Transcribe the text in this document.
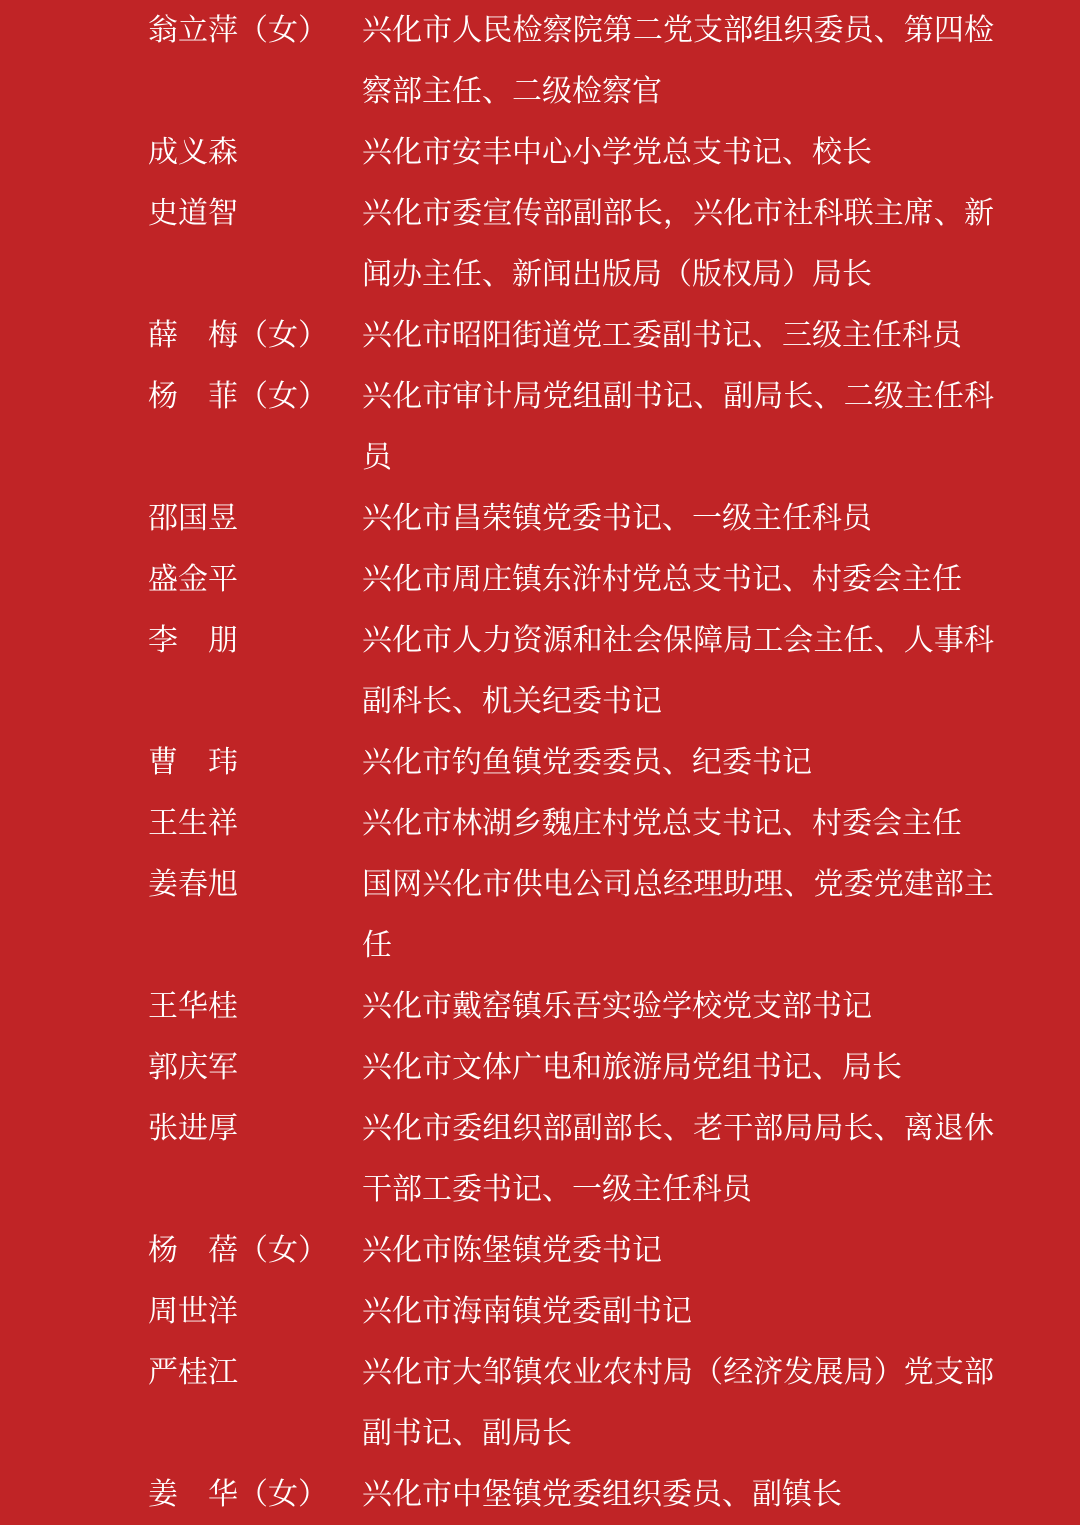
翁立萍（女）	兴化市人民检察院第二党支部组织委员、第四检察部主任、二级检察官
成义森	兴化市安丰中心小学党总支书记、校长
史道智	兴化市委宣传部副部长，兴化市社科联主席、新闻办主任、新闻出版局（版权局）局长
薛　梅（女）	兴化市昭阳街道党工委副书记、三级主任科员
杨　菲（女）	兴化市审计局党组副书记、副局长、二级主任科员
邵国昱	兴化市昌荣镇党委书记、一级主任科员
盛金平	兴化市周庄镇东浒村党总支书记、村委会主任
李　朋	兴化市人力资源和社会保障局工会主任、人事科副科长、机关纪委书记
曹　玮	兴化市钓鱼镇党委委员、纪委书记
王生祥	兴化市林湖乡魏庄村党总支书记、村委会主任
姜春旭	国网兴化市供电公司总经理助理、党委党建部主任
王华桂	兴化市戴窑镇乐吾实验学校党支部书记
郭庆军	兴化市文体广电和旅游局党组书记、局长
张进厚	兴化市委组织部副部长、老干部局局长、离退休干部工委书记、一级主任科员
杨　蓓（女）	兴化市陈堡镇党委书记
周世洋	兴化市海南镇党委副书记
严桂江	兴化市大邹镇农业农村局（经济发展局）党支部副书记、副局长
姜　华（女）	兴化市中堡镇党委组织委员、副镇长
